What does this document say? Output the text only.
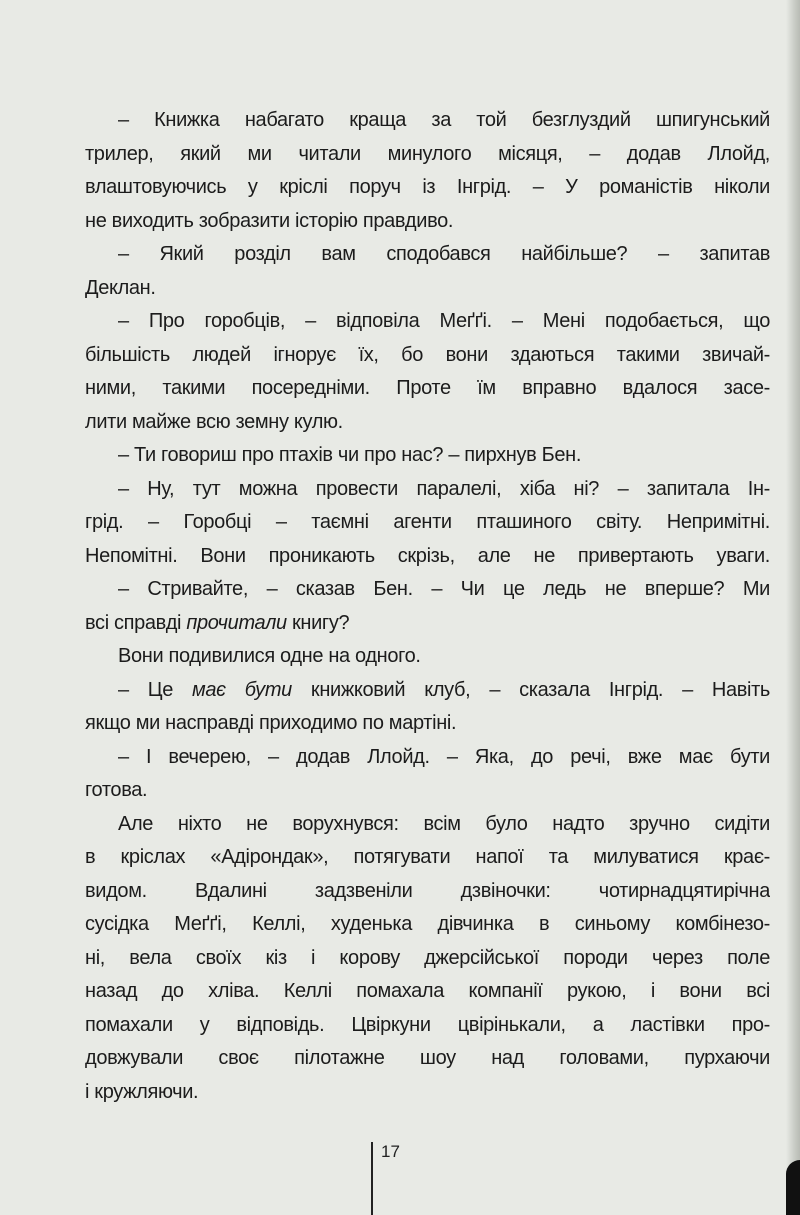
– Книжка набагато краща за той безглуздий шпигунський
трилер, який ми читали минулого місяця, – додав Ллойд,
влаштовуючись у кріслі поруч із Інгрід. – У романістів ніколи
не виходить зобразити історію правдиво.
– Який розділ вам сподобався найбільше? – запитав
Деклан.
– Про горобців, – відповіла Меґґі. – Мені подобається, що
більшість людей ігнорує їх, бо вони здаються такими звичай-
ними, такими посередніми. Проте їм вправно вдалося засе-
лити майже всю земну кулю.
– Ти говориш про птахів чи про нас? – пирхнув Бен.
– Ну, тут можна провести паралелі, хіба ні? – запитала Ін-
грід. – Горобці – таємні агенти пташиного світу. Непримітні.
Непомітні. Вони проникають скрізь, але не привертають уваги.
– Стривайте, – сказав Бен. – Чи це ледь не вперше? Ми
всі справді прочитали книгу?
Вони подивилися одне на одного.
– Це має бути книжковий клуб, – сказала Інгрід. – Навіть
якщо ми насправді приходимо по мартіні.
– І вечерею, – додав Ллойд. – Яка, до речі, вже має бути
готова.
Але ніхто не ворухнувся: всім було надто зручно сидіти
в кріслах «Адірондак», потягувати напої та милуватися крає-
видом. Вдалині задзвеніли дзвіночки: чотирнадцятирічна
сусідка Меґґі, Келлі, худенька дівчинка в синьому комбінезо-
ні, вела своїх кіз і корову джерсійської породи через поле
назад до хліва. Келлі помахала компанії рукою, і вони всі
помахали у відповідь. Цвіркуни цвірінькали, а ластівки про-
довжували своє пілотажне шоу над головами, пурхаючи
і кружляючи.
17
